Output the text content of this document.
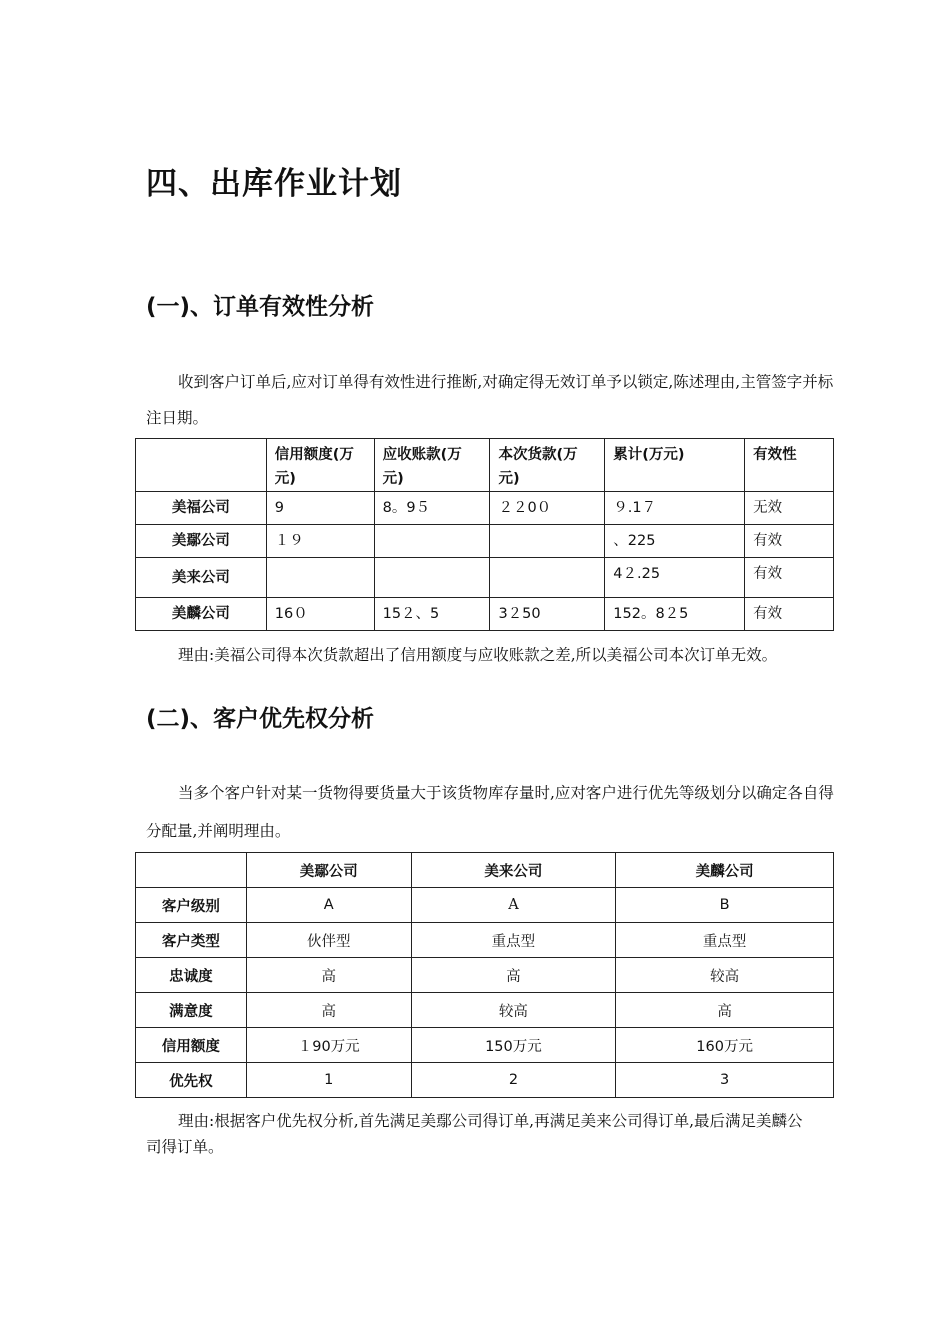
四、出库作业计划
(一)、订单有效性分析

收到客户订单后,应对订单得有效性进行推断,对确定得无效订单予以锁定,陈述理由,主管签字并标注日期。

	信用额度(万元)	应收账款(万元)	本次货款(万元)	累计(万元)	有效性
美福公司	9	8。9５	２２0０	９.1７	无效
美鄢公司	１９			、225	有效
美来公司				4２.25	有效
美麟公司	16０	15２、5	3２50	152。8２5	有效

理由:美福公司得本次货款超出了信用额度与应收账款之差,所以美福公司本次订单无效。

(二)、客户优先权分析

当多个客户针对某一货物得要货量大于该货物库存量时,应对客户进行优先等级划分以确定各自得分配量,并阐明理由。

	美鄢公司	美来公司	美麟公司
客户级别	A	A	B
客户类型	伙伴型	重点型	重点型
忠诚度	高	高	较高
满意度	高	较高	高
信用额度	１90万元	150万元	160万元
优先权	1	2	3

理由:根据客户优先权分析,首先满足美鄢公司得订单,再满足美来公司得订单,最后满足美麟公司得订单。
